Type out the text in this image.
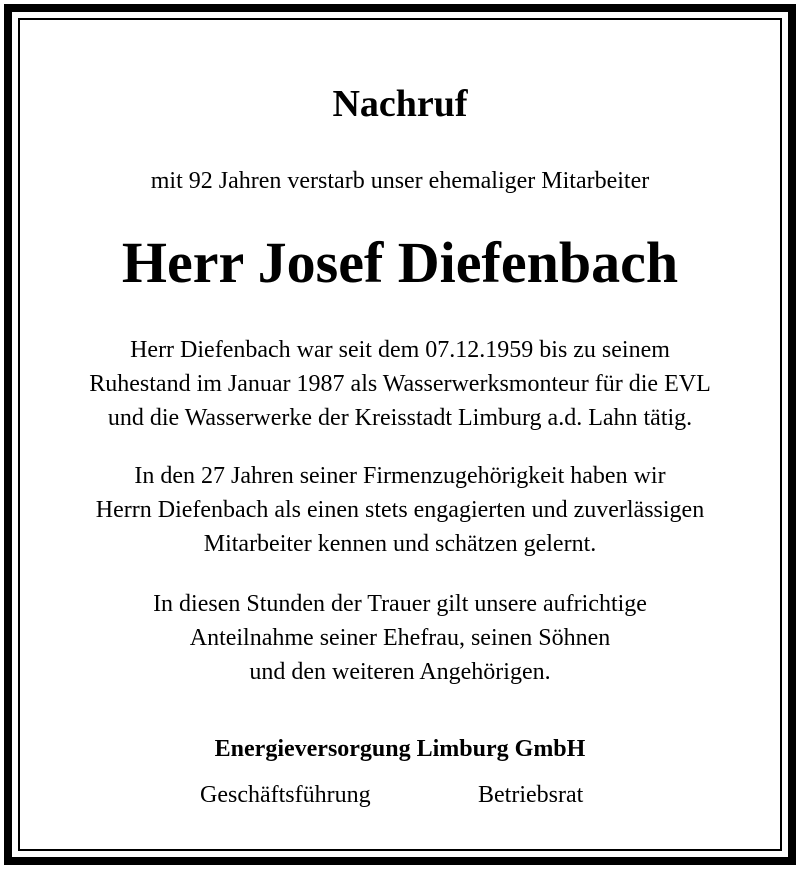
Nachruf

mit 92 Jahren verstarb unser ehemaliger Mitarbeiter

Herr Josef Diefenbach

Herr Diefenbach war seit dem 07.12.1959 bis zu seinem
Ruhestand im Januar 1987 als Wasserwerksmonteur für die EVL
und die Wasserwerke der Kreisstadt Limburg a.d. Lahn tätig.

In den 27 Jahren seiner Firmenzugehörigkeit haben wir
Herrn Diefenbach als einen stets engagierten und zuverlässigen
Mitarbeiter kennen und schätzen gelernt.

In diesen Stunden der Trauer gilt unsere aufrichtige
Anteilnahme seiner Ehefrau, seinen Söhnen
und den weiteren Angehörigen.

Energieversorgung Limburg GmbH

Geschäftsführung	Betriebsrat
